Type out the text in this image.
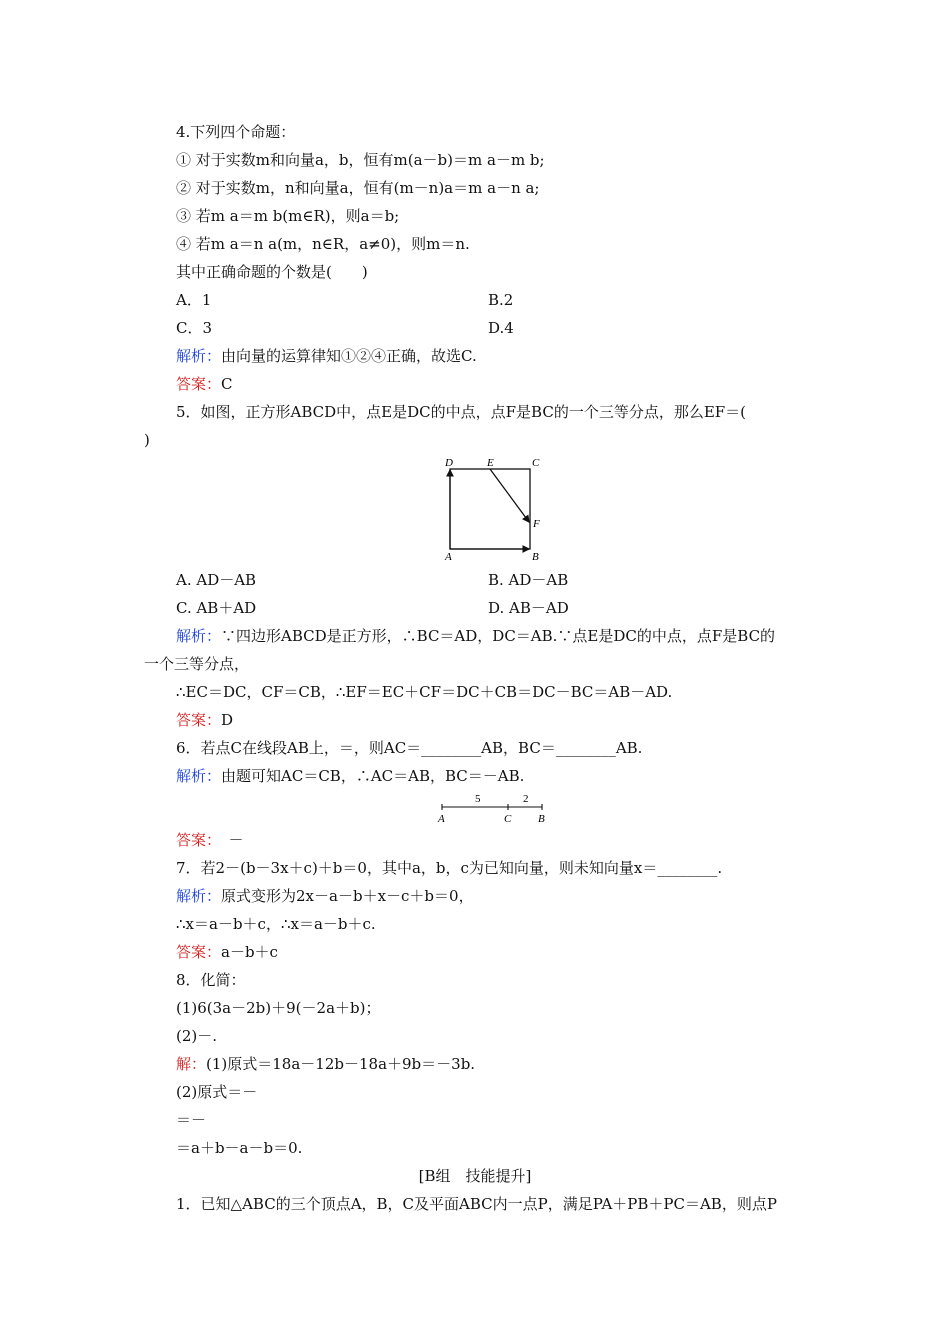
4.下列四个命题：
① 对于实数m和向量a，b，恒有m(a－b)＝m a－m b;
② 对于实数m，n和向量a，恒有(m－n)a＝m a－n a;
③ 若m a＝m b(m∈R)，则a＝b;
④ 若m a＝n a(m，n∈R，a≠0)，则m＝n.
其中正确命题的个数是(　　)
A．1	B.2
C．3	D.4
解析：由向量的运算律知①②④正确，故选C.
答案：C
5．如图，正方形ABCD中，点E是DC的中点，点F是BC的一个三等分点，那么EF＝(
)
D	E	C
F
A	B
A. AD－AB	B. AD－AB
C. AB＋AD	D. AB－AD
解析：∵四边形ABCD是正方形，∴BC＝AD，DC＝AB.∵点E是DC的中点，点F是BC的
一个三等分点，
∴EC＝DC，CF＝CB，∴EF＝EC＋CF＝DC＋CB＝DC－BC＝AB－AD.
答案：D
6．若点C在线段AB上，＝，则AC＝________AB，BC＝________AB.
解析：由题可知AC＝CB，∴AC＝AB，BC＝－AB.
5	2
A	C B
答案：　－
7．若2－(b－3x＋c)＋b＝0，其中a，b，c为已知向量，则未知向量x＝________.
解析：原式变形为2x－a－b＋x－c＋b＝0，
∴x＝a－b＋c，∴x＝a－b＋c.
答案：a－b＋c
8．化简：
(1)6(3a－2b)＋9(－2a＋b)；
(2)－.
解：(1)原式＝18a－12b－18a＋9b＝－3b.
(2)原式＝－
＝－
＝a＋b－a－b＝0.
[B组　技能提升]
1．已知△ABC的三个顶点A，B，C及平面ABC内一点P，满足PA＋PB＋PC＝AB，则点P
